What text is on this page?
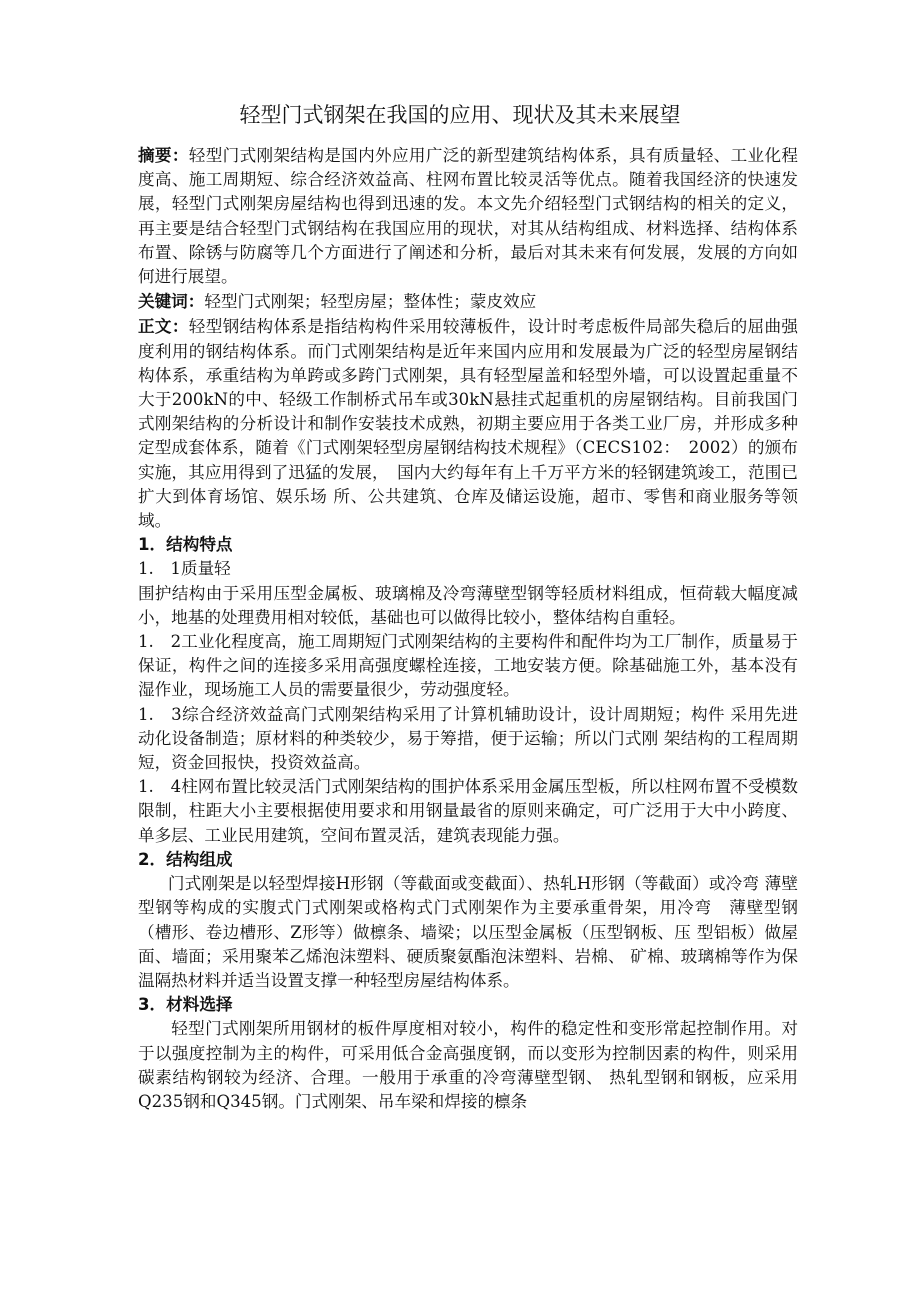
轻型门式钢架在我国的应用、现状及其未来展望

摘要：轻型门式刚架结构是国内外应用广泛的新型建筑结构体系，具有质量轻、工业化程度高、施工周期短、综合经济效益高、柱网布置比较灵活等优点。随着我国经济的快速发展，轻型门式刚架房屋结构也得到迅速的发。本文先介绍轻型门式钢结构的相关的定义，再主要是结合轻型门式钢结构在我国应用的现状，对其从结构组成、材料选择、结构体系布置、除锈与防腐等几个方面进行了阐述和分析，最后对其未来有何发展，发展的方向如何进行展望。

关键词：轻型门式刚架；轻型房屋；整体性；蒙皮效应

正文：轻型钢结构体系是指结构构件采用较薄板件，设计时考虑板件局部失稳后的屈曲强度利用的钢结构体系。而门式刚架结构是近年来国内应用和发展最为广泛的轻型房屋钢结构体系，承重结构为单跨或多跨门式刚架，具有轻型屋盖和轻型外墙，可以设置起重量不大于200kN的中、轻级工作制桥式吊车或30kN悬挂式起重机的房屋钢结构。目前我国门式刚架结构的分析设计和制作安装技术成熟，初期主要应用于各类工业厂房，并形成多种定型成套体系，随着《门式刚架轻型房屋钢结构技术规程》（CECS102：　2002）的颁布实施，其应用得到了迅猛的发展，　国内大约每年有上千万平方米的轻钢建筑竣工，范围已扩大到体育场馆、娱乐场 所、公共建筑、仓库及储运设施，超市、零售和商业服务等领域。

1．结构特点

1.　1质量轻

围护结构由于采用压型金属板、玻璃棉及冷弯薄壁型钢等轻质材料组成，恒荷载大幅度减小，地基的处理费用相对较低，基础也可以做得比较小，整体结构自重轻。

1.　2工业化程度高，施工周期短门式刚架结构的主要构件和配件均为工厂制作，质量易于保证，构件之间的连接多采用高强度螺栓连接，工地安装方便。除基础施工外，基本没有湿作业，现场施工人员的需要量很少，劳动强度轻。

1.　3综合经济效益高门式刚架结构采用了计算机辅助设计，设计周期短；构件 采用先进动化设备制造；原材料的种类较少，易于筹措，便于运输；所以门式刚 架结构的工程周期短，资金回报快，投资效益高。

1.　4柱网布置比较灵活门式刚架结构的围护体系采用金属压型板，所以柱网布置不受模数限制，柱距大小主要根据使用要求和用钢量最省的原则来确定，可广泛用于大中小跨度、单多层、工业民用建筑，空间布置灵活，建筑表现能力强。

2．结构组成

门式刚架是以轻型焊接H形钢（等截面或变截面）、热轧H形钢（等截面）或冷弯 薄壁型钢等构成的实腹式门式刚架或格构式门式刚架作为主要承重骨架，用冷弯　薄壁型钢（槽形、卷边槽形、Z形等）做檩条、墙梁；以压型金属板（压型钢板、压 型铝板）做屋面、墙面；采用聚苯乙烯泡沫塑料、硬质聚氨酯泡沫塑料、岩棉、 矿棉、玻璃棉等作为保温隔热材料并适当设置支撑一种轻型房屋结构体系。

3．材料选择

轻型门式刚架所用钢材的板件厚度相对较小，构件的稳定性和变形常起控制作用。对于以强度控制为主的构件，可采用低合金高强度钢，而以变形为控制因素的构件，则采用碳素结构钢较为经济、合理。一般用于承重的冷弯薄壁型钢、 热轧型钢和钢板，应采用Q235钢和Q345钢。门式刚架、吊车梁和焊接的檩条
